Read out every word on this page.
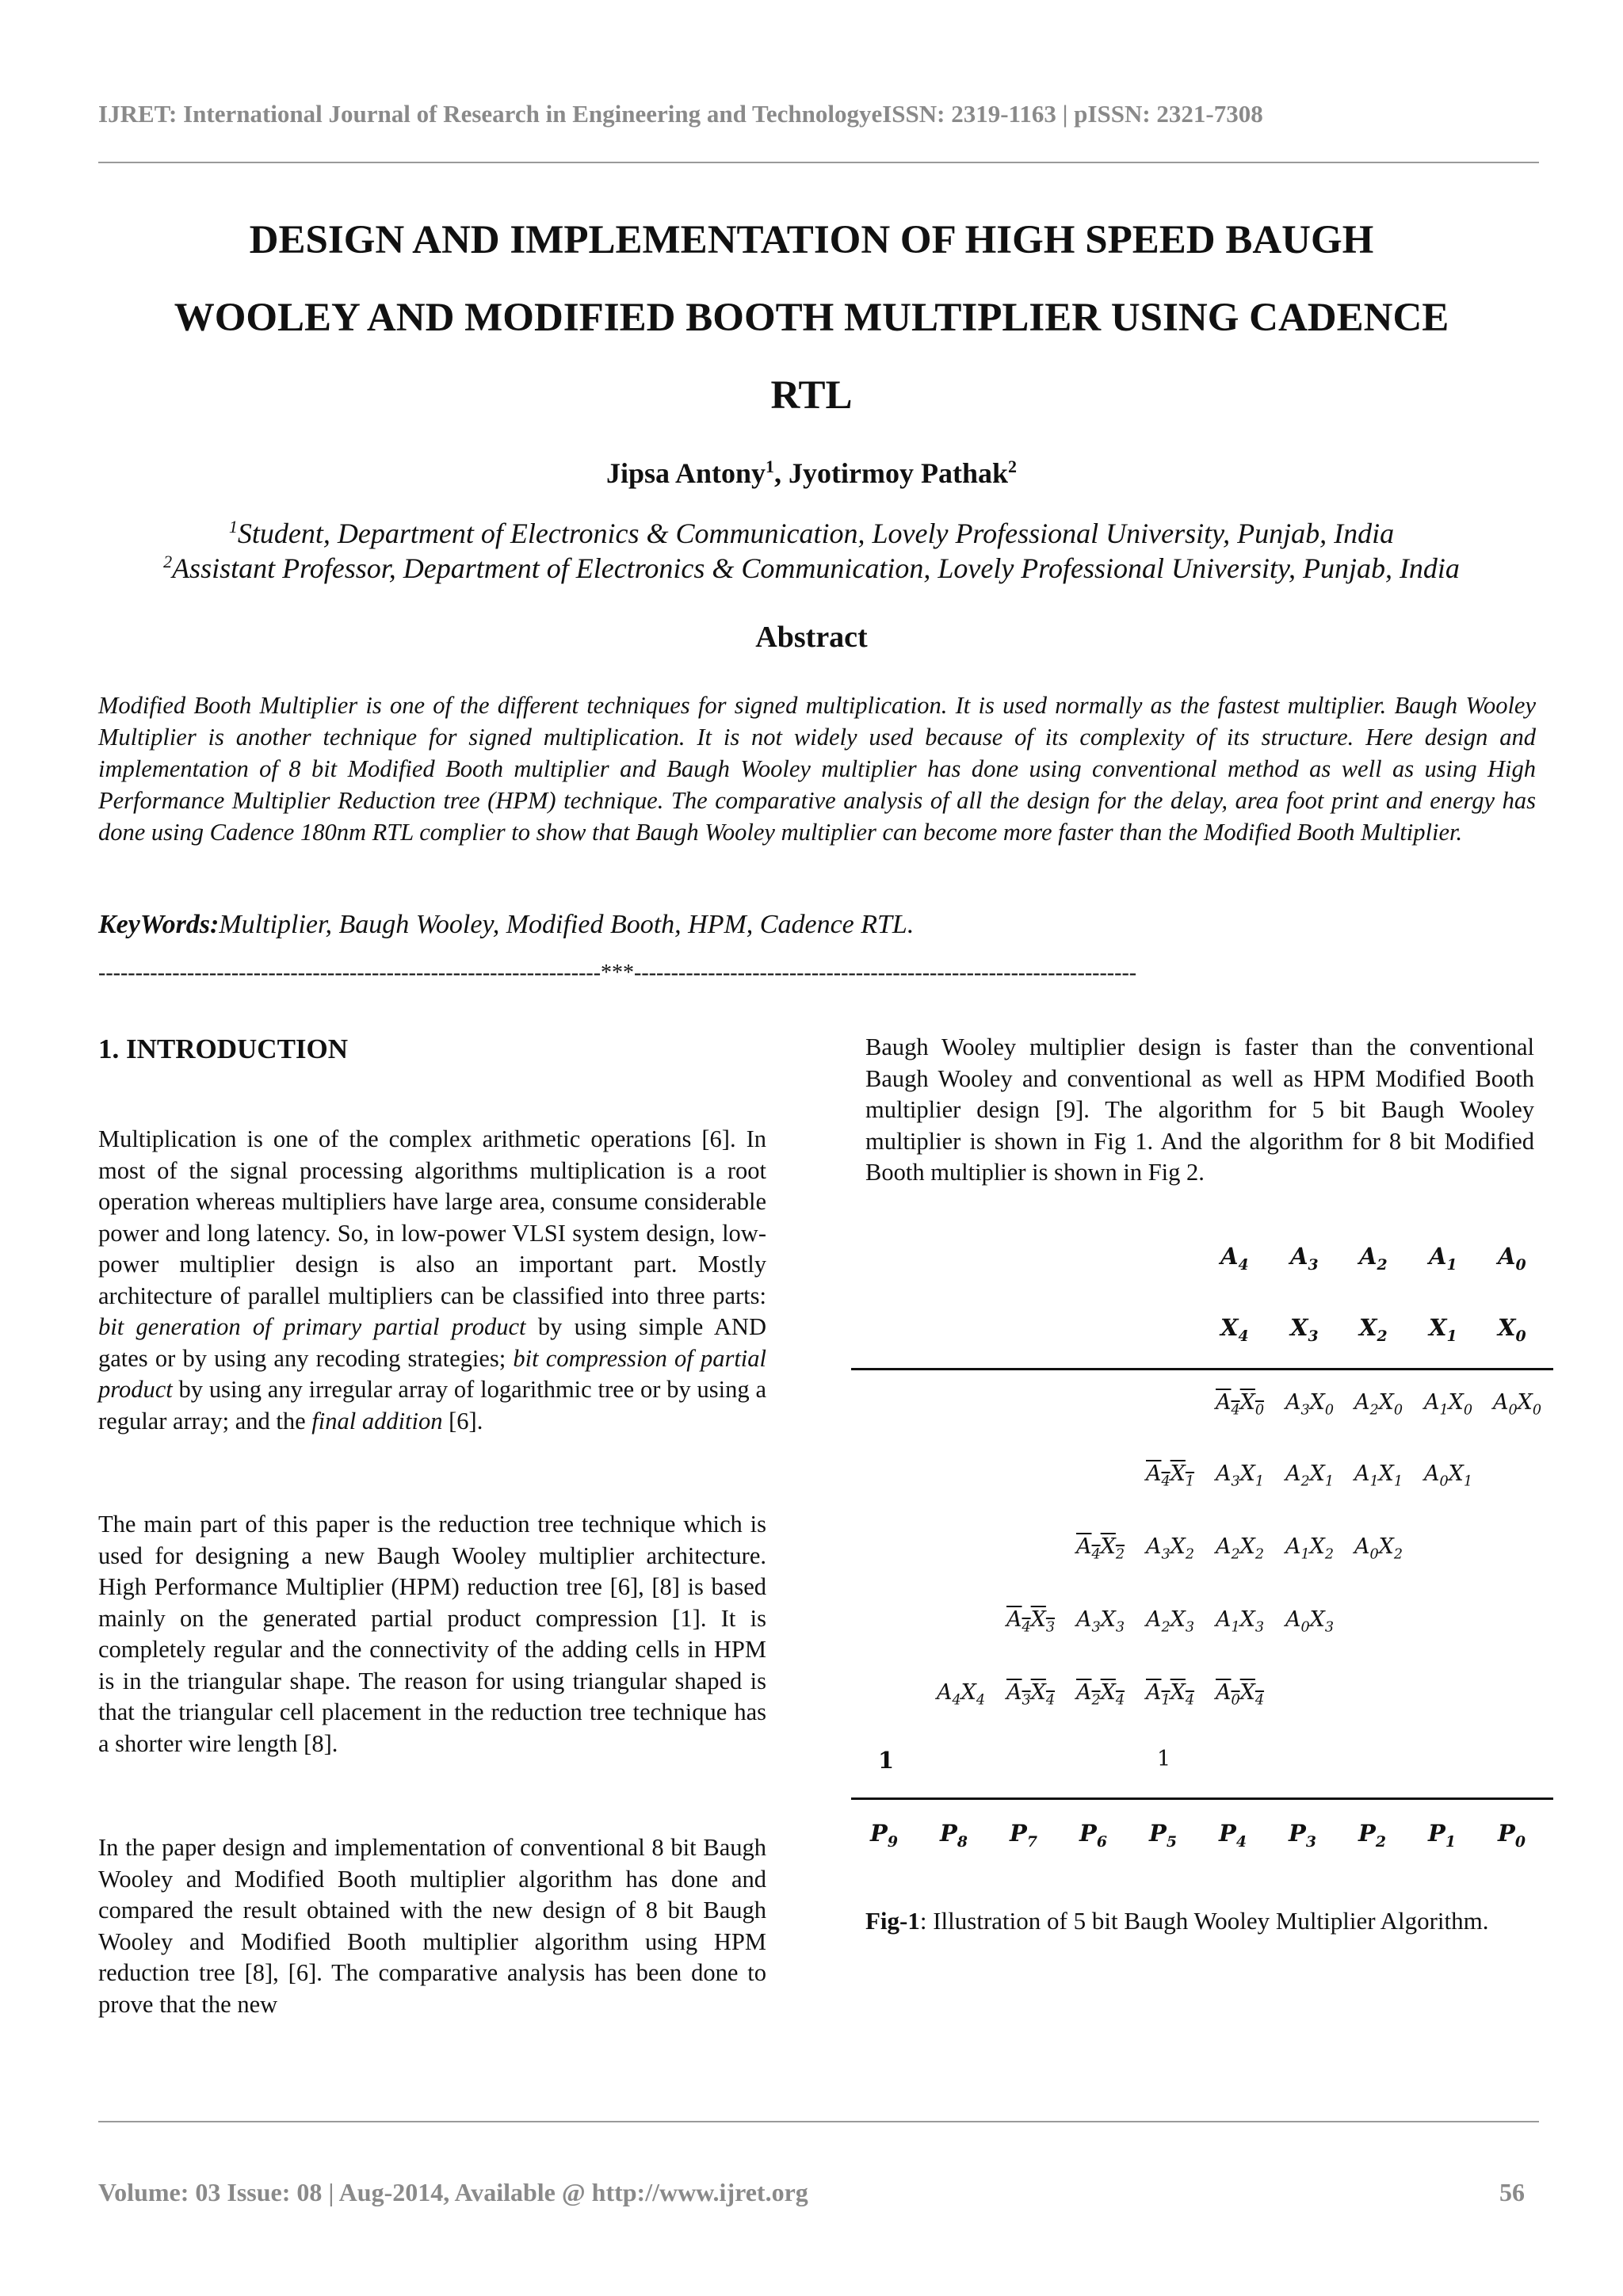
IJRET: International Journal of Research in Engineering and TechnologyeISSN: 2319-1163 | pISSN: 2321-7308
DESIGN AND IMPLEMENTATION OF HIGH SPEED BAUGH
WOOLEY AND MODIFIED BOOTH MULTIPLIER USING CADENCE
RTL
Jipsa Antony$^1$, Jyotirmoy Pathak$^2$
$^1$Student, Department of Electronics & Communication, Lovely Professional University, Punjab, India
$^2$Assistant Professor, Department of Electronics & Communication, Lovely Professional University, Punjab, India
Abstract
Modified Booth Multiplier is one of the different techniques for signed multiplication. It is used normally as the fastest multiplier. Baugh Wooley Multiplier is another technique for signed multiplication. It is not widely used because of its complexity of its structure. Here design and implementation of 8 bit Modified Booth multiplier and Baugh Wooley multiplier has done using conventional method as well as using High Performance Multiplier Reduction tree (HPM) technique. The comparative analysis of all the design for the delay, area foot print and energy has done using Cadence 180nm RTL complier to show that Baugh Wooley multiplier can become more faster than the Modified Booth Multiplier.
KeyWords:Multiplier, Baugh Wooley, Modified Booth, HPM, Cadence RTL.
--------------------------------------------------------------------***--------------------------------------------------------------------
1. INTRODUCTION
Multiplication is one of the complex arithmetic operations [6]. In most of the signal processing algorithms multiplication is a root operation whereas multipliers have large area, consume considerable power and long latency. So, in low-power VLSI system design, low-power multiplier design is also an important part. Mostly architecture of parallel multipliers can be classified into three parts: bit generation of primary partial product by using simple AND gates or by using any recoding strategies; bit compression of partial product by using any irregular array of logarithmic tree or by using a regular array; and the final addition [6].
The main part of this paper is the reduction tree technique which is used for designing a new Baugh Wooley multiplier architecture. High Performance Multiplier (HPM) reduction tree [6], [8] is based mainly on the generated partial product compression [1]. It is completely regular and the connectivity of the adding cells in HPM is in the triangular shape. The reason for using triangular shaped is that the triangular cell placement in the reduction tree technique has a shorter wire length [8].
In the paper design and implementation of conventional 8 bit Baugh Wooley and Modified Booth multiplier algorithm has done and compared the result obtained with the new design of 8 bit Baugh Wooley and Modified Booth multiplier algorithm using HPM reduction tree [8], [6]. The comparative analysis has been done to prove that the new
Baugh Wooley multiplier design is faster than the conventional Baugh Wooley and conventional as well as HPM Modified Booth multiplier design [9]. The algorithm for 5 bit Baugh Wooley multiplier is shown in Fig 1. And the algorithm for 8 bit Modified Booth multiplier is shown in Fig 2.
$A_4$ $A_3$ $A_2$ $A_1$ $A_0$
$X_4$ $X_3$ $X_2$ $X_1$ $X_0$
$A_4X_0$ $A_3X_0$ $A_2X_0$ $A_1X_0$ $A_0X_0$
$A_4X_1$ $A_3X_1$ $A_2X_1$ $A_1X_1$ $A_0X_1$
$A_4X_2$ $A_3X_2$ $A_2X_2$ $A_1X_2$ $A_0X_2$
$A_4X_3$ $A_3X_3$ $A_2X_3$ $A_1X_3$ $A_0X_3$
$A_4X_4$ $A_3X_4$ $A_2X_4$ $A_1X_4$ $A_0X_4$
1	1
$P_9$ $P_8$ $P_7$ $P_6$ $P_5$ $P_4$ $P_3$ $P_2$ $P_1$ $P_0$
Fig-1: Illustration of 5 bit Baugh Wooley Multiplier Algorithm.
Volume: 03 Issue: 08 | Aug-2014, Available @ http://www.ijret.org	56
